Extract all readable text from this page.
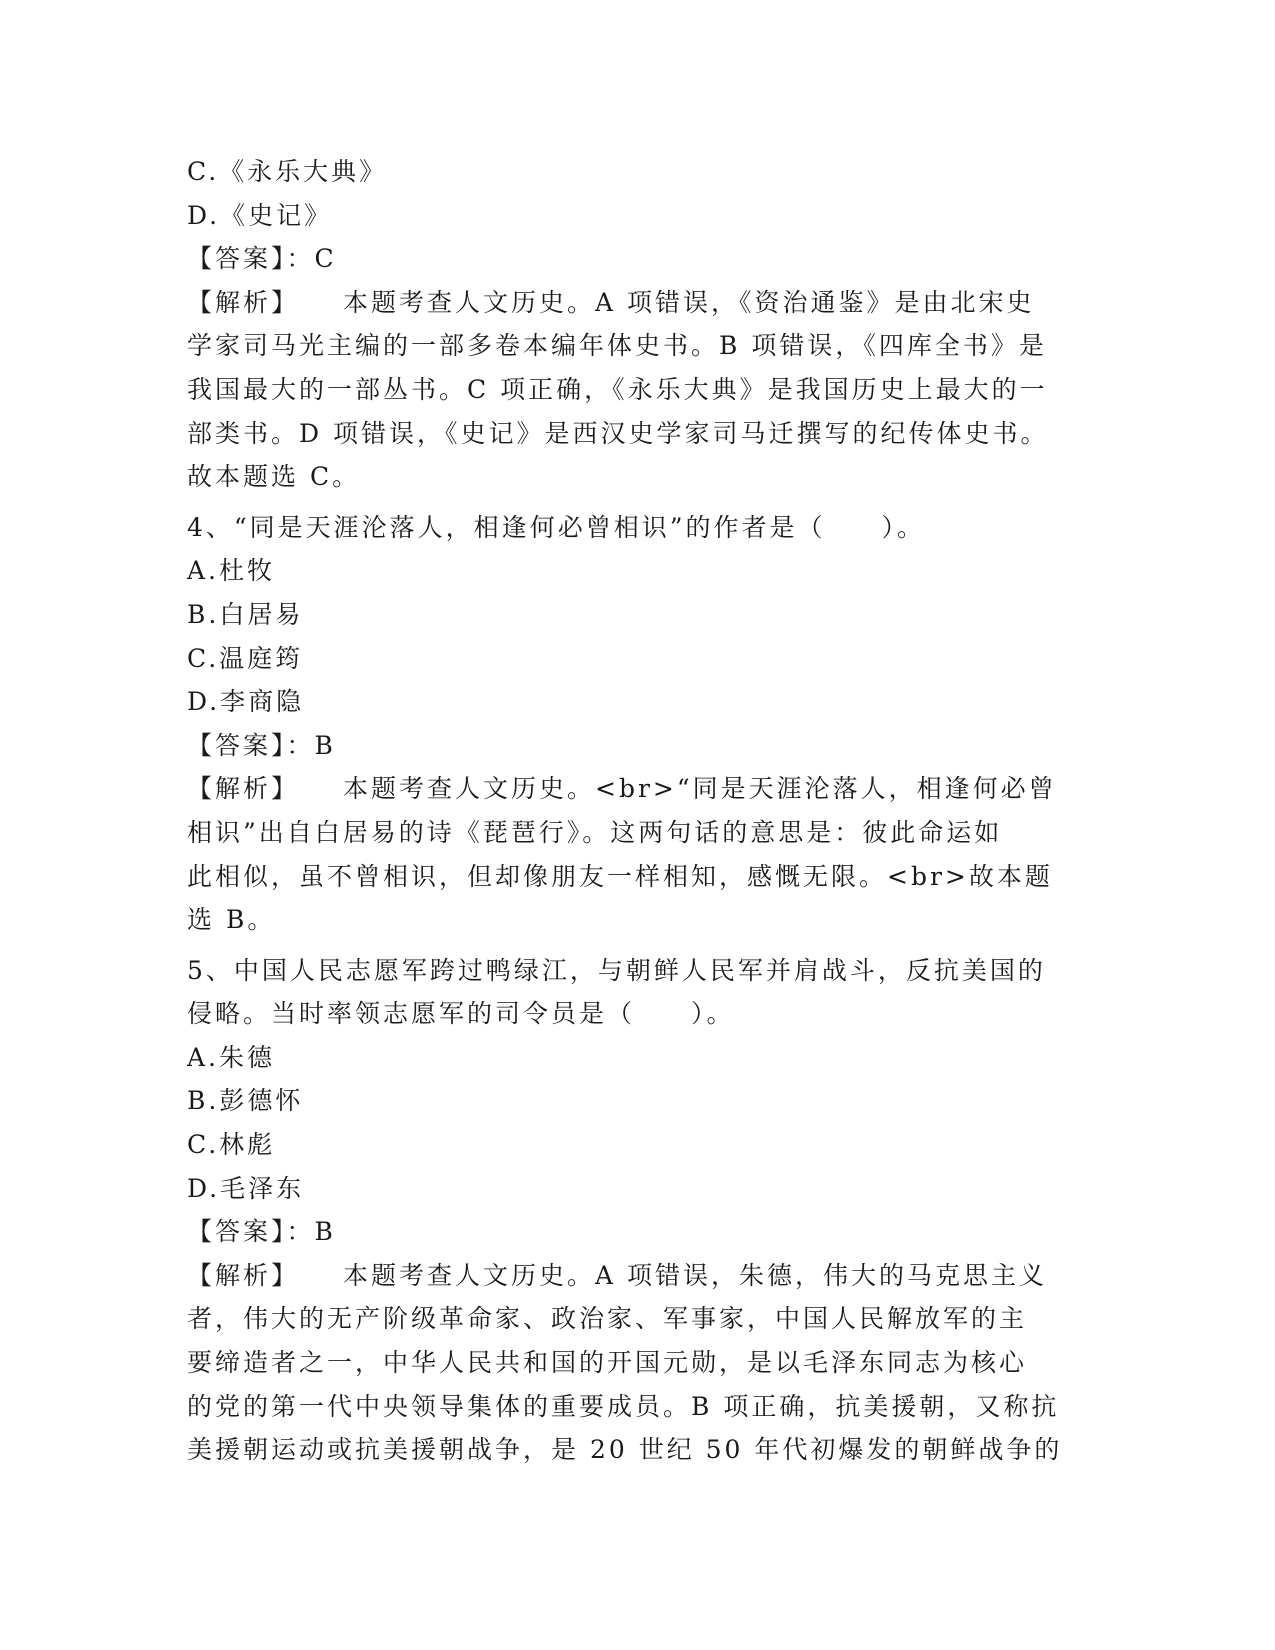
C.《永乐大典》
D.《史记》
【答案】：C
【解析】 本题考查人文历史。A 项错误，《资治通鉴》是由北宋史
学家司马光主编的一部多卷本编年体史书。B 项错误，《四库全书》是
我国最大的一部丛书。C 项正确，《永乐大典》是我国历史上最大的一
部类书。D 项错误，《史记》是西汉史学家司马迁撰写的纪传体史书。
故本题选 C。
4、“同是天涯沦落人，相逢何必曾相识”的作者是（　　）。
A.杜牧
B.白居易
C.温庭筠
D.李商隐
【答案】：B
【解析】 本题考查人文历史。<br>“同是天涯沦落人，相逢何必曾
相识”出自白居易的诗《琵琶行》。这两句话的意思是：彼此命运如
此相似，虽不曾相识，但却像朋友一样相知，感慨无限。<br>故本题
选 B。
5、中国人民志愿军跨过鸭绿江，与朝鲜人民军并肩战斗，反抗美国的
侵略。当时率领志愿军的司令员是（　　）。
A.朱德
B.彭德怀
C.林彪
D.毛泽东
【答案】：B
【解析】 本题考查人文历史。A 项错误，朱德，伟大的马克思主义
者，伟大的无产阶级革命家、政治家、军事家，中国人民解放军的主
要缔造者之一，中华人民共和国的开国元勋，是以毛泽东同志为核心
的党的第一代中央领导集体的重要成员。B 项正确，抗美援朝，又称抗
美援朝运动或抗美援朝战争，是 20 世纪 50 年代初爆发的朝鲜战争的
